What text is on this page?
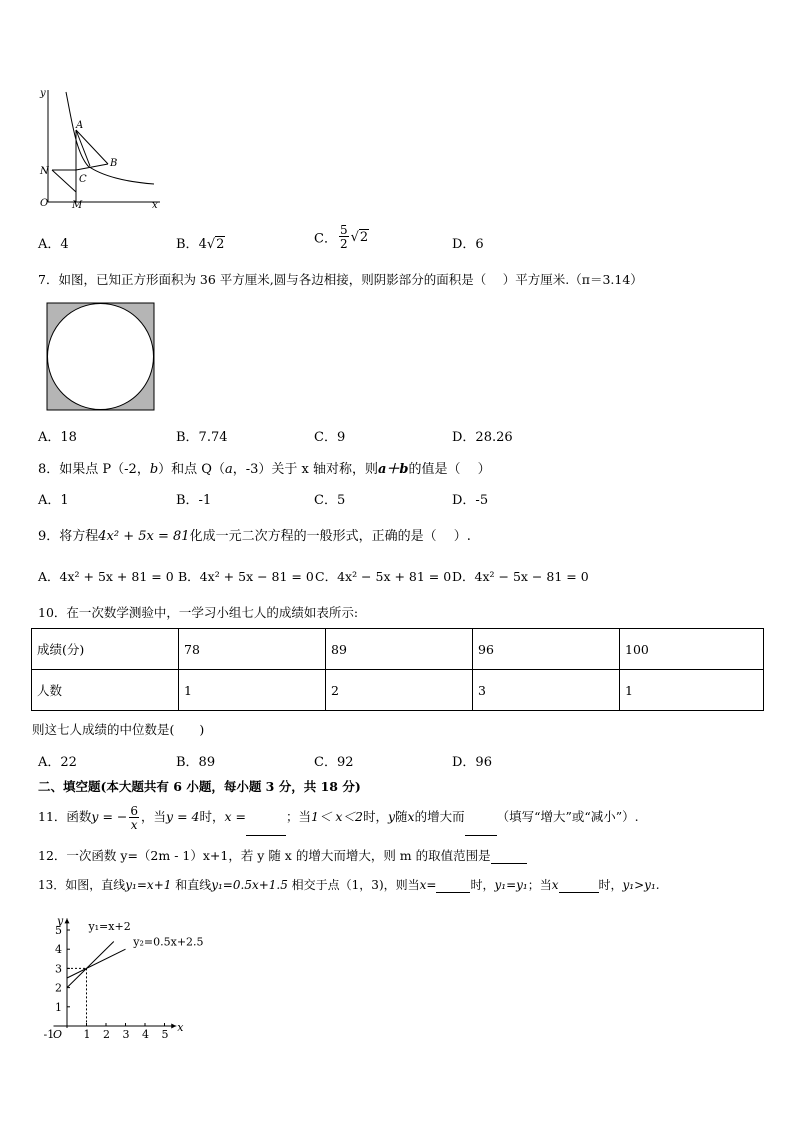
y
A
B
N
C
O M	x
A．4	B．4√2	C． $\frac{5}{2} √2$	D．6
7．如图，已知正方形面积为 36 平方厘米,圆与各边相接，则阴影部分的面积是（　 ）平方厘米.（π＝3.14）
A．18	B．7.74	C．9	D．28.26
8．如果点 P（-2，b）和点 Q（a，-3）关于 x 轴对称，则a＋b的值是（　 ）
A．1	B．-1	C．5	D．-5
9．将方程4x² + 5x = 81化成一元二次方程的一般形式，正确的是（　 ）.
A．4x² + 5x + 81 = 0 B．4x² + 5x − 81 = 0 C．4x² − 5x + 81 = 0 D．4x² − 5x − 81 = 0
10．在一次数学测验中，一学习小组七人的成绩如表所示:
成绩(分)	78	89	96	100
人数	1	2	3	1
则这七人成绩的中位数是(　　)
A．22	B．89	C．92	D．96
二、填空题(本大题共有 6 小题，每小题 3 分，共 18 分)
11．函数y = − $\frac{6}{x}$ ，当y = 4时，x =	；当1＜ x＜2时，y随x的增大而	（填写“增大”或“减小”）.
12．一次函数 y=（2m - 1）x+1，若 y 随 x 的增大而增大，则 m 的取值范围是
13．如图，直线y₁=x+1 和直线y₁=0.5x+1.5 相交于点（1，3)，则当x=	时，y₁=y₁；当x	时，y₁>y₁.
x
y
-1
O 1 2 3 4 5
1
2
3
4
5 y₁=x+2
y₂=0.5x+2.5
